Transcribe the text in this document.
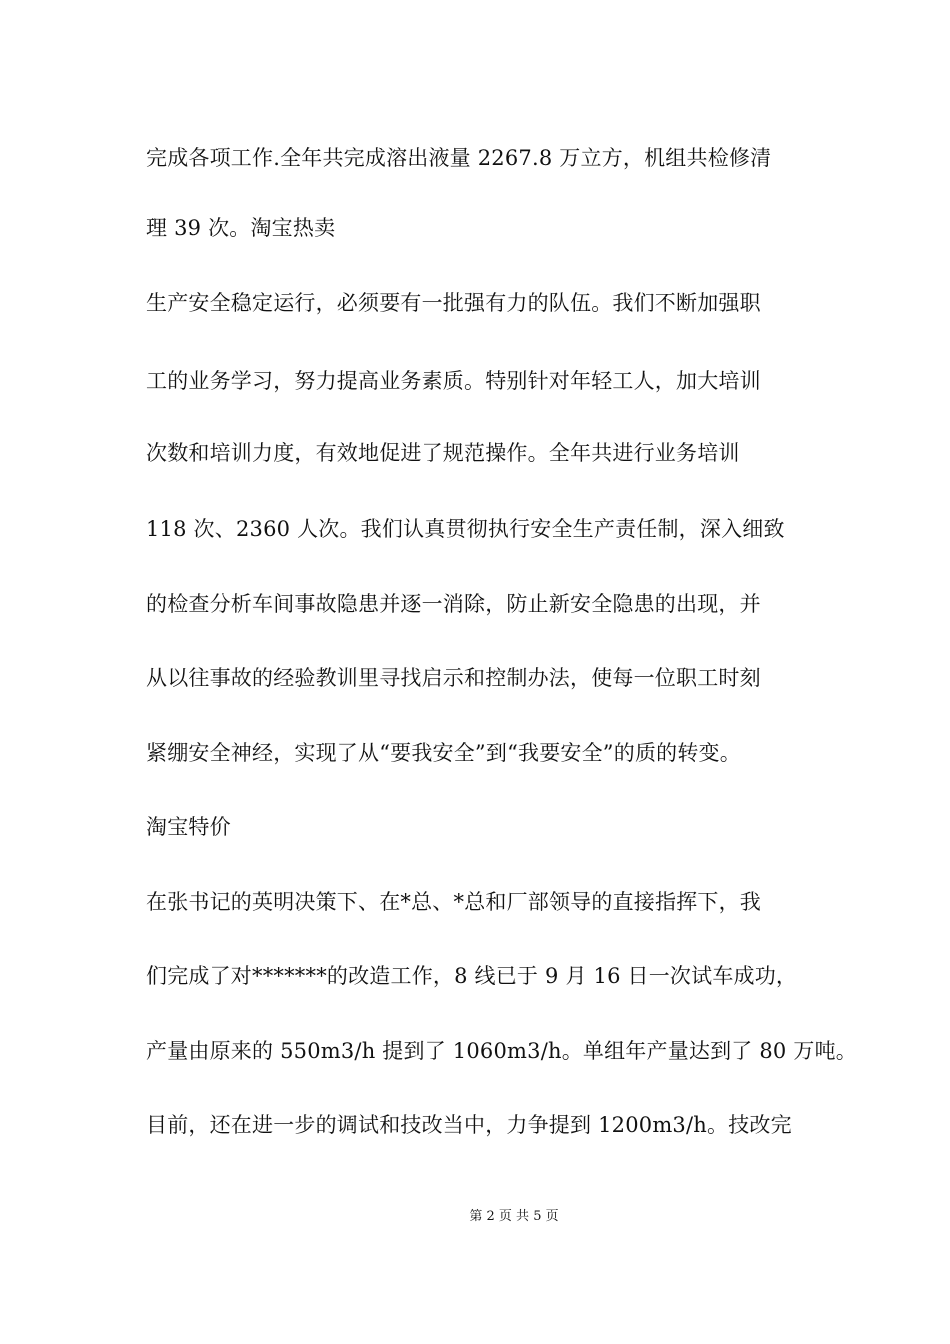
完成各项工作.全年共完成溶出液量 2267.8 万立方，机组共检修清
理 39 次。淘宝热卖
生产安全稳定运行，必须要有一批强有力的队伍。我们不断加强职
工的业务学习，努力提高业务素质。特别针对年轻工人，加大培训
次数和培训力度，有效地促进了规范操作。全年共进行业务培训
118 次、2360 人次。我们认真贯彻执行安全生产责任制，深入细致
的检查分析车间事故隐患并逐一消除，防止新安全隐患的出现，并
从以往事故的经验教训里寻找启示和控制办法，使每一位职工时刻
紧绷安全神经，实现了从“要我安全”到“我要安全”的质的转变。
淘宝特价
在张书记的英明决策下、在*总、*总和厂部领导的直接指挥下，我
们完成了对*******的改造工作，8 线已于 9 月 16 日一次试车成功，
产量由原来的 550m3/h 提到了 1060m3/h。单组年产量达到了 80 万吨。
目前，还在进一步的调试和技改当中，力争提到 1200m3/h。技改完
第 2 页 共 5 页
